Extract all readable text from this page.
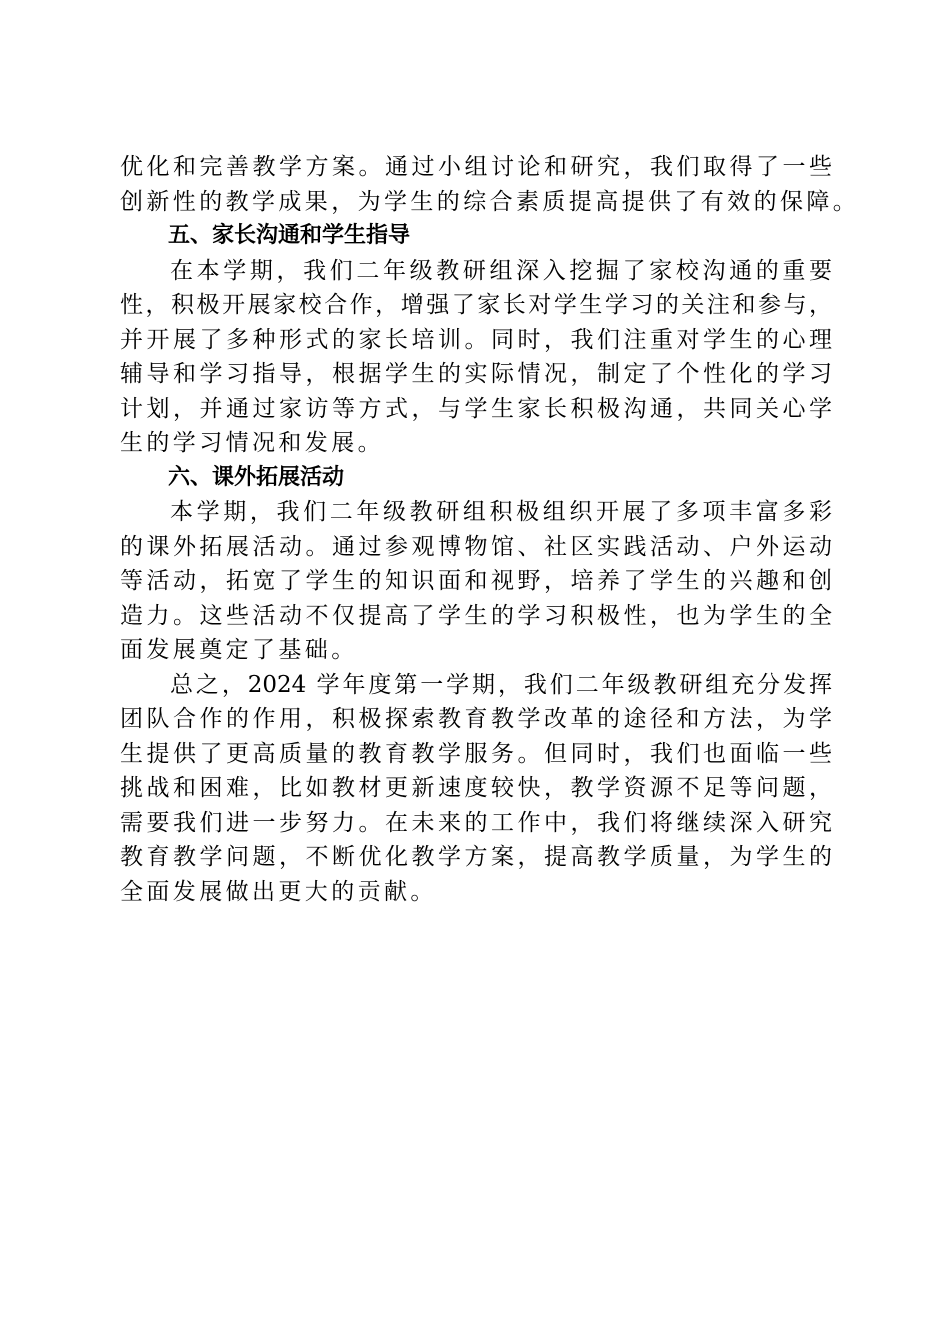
优化和完善教学方案。通过小组讨论和研究，我们取得了一些
创新性的教学成果，为学生的综合素质提高提供了有效的保障。
五、家长沟通和学生指导
在本学期，我们二年级教研组深入挖掘了家校沟通的重要
性，积极开展家校合作，增强了家长对学生学习的关注和参与，
并开展了多种形式的家长培训。同时，我们注重对学生的心理
辅导和学习指导，根据学生的实际情况，制定了个性化的学习
计划，并通过家访等方式，与学生家长积极沟通，共同关心学
生的学习情况和发展。
六、课外拓展活动
本学期，我们二年级教研组积极组织开展了多项丰富多彩
的课外拓展活动。通过参观博物馆、社区实践活动、户外运动
等活动，拓宽了学生的知识面和视野，培养了学生的兴趣和创
造力。这些活动不仅提高了学生的学习积极性，也为学生的全
面发展奠定了基础。
总之，2024 学年度第一学期，我们二年级教研组充分发挥
团队合作的作用，积极探索教育教学改革的途径和方法，为学
生提供了更高质量的教育教学服务。但同时，我们也面临一些
挑战和困难，比如教材更新速度较快，教学资源不足等问题，
需要我们进一步努力。在未来的工作中，我们将继续深入研究
教育教学问题，不断优化教学方案，提高教学质量，为学生的
全面发展做出更大的贡献。
